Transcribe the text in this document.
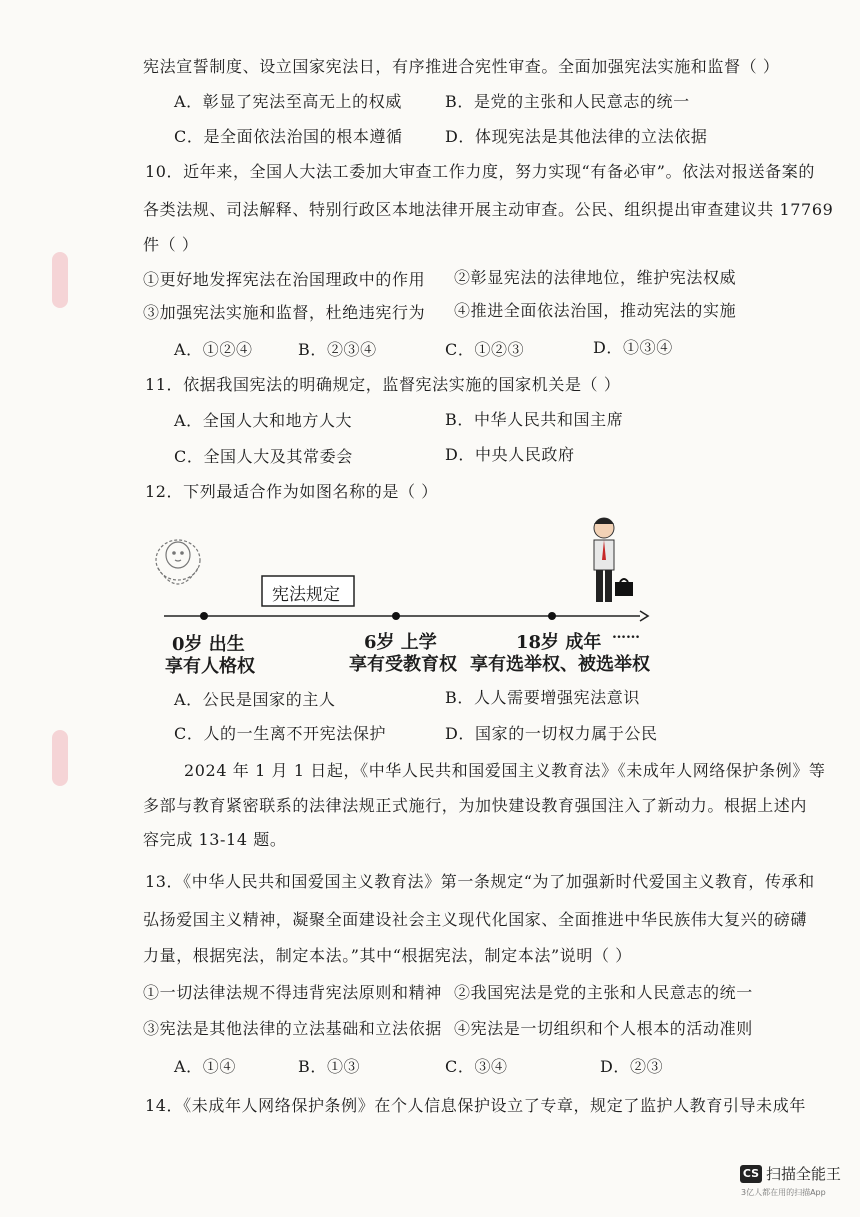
宪法宣誓制度、设立国家宪法日，有序推进合宪性审查。全面加强宪法实施和监督（ ）
A．彰显了宪法至高无上的权威	B．是党的主张和人民意志的统一
C．是全面依法治国的根本遵循	D．体现宪法是其他法律的立法依据
10．近年来，全国人大法工委加大审查工作力度，努力实现“有备必审”。依法对报送备案的
各类法规、司法解释、特别行政区本地法律开展主动审查。公民、组织提出审查建议共 17769
件（ ）
①更好地发挥宪法在治国理政中的作用 ②彰显宪法的法律地位，维护宪法权威
③加强宪法实施和监督，杜绝违宪行为 ④推进全面依法治国，推动宪法的实施
A．①②④	B．②③④	C．①②③	D．①③④
11．依据我国宪法的明确规定，监督宪法实施的国家机关是（ ）
A．全国人大和地方人大	B．中华人民共和国主席
C．全国人大及其常委会	D．中央人民政府
12．下列最适合作为如图名称的是（ ）
宪法规定
0岁 出生
享有人格权
6岁 上学
享有受教育权
18岁 成年 ……
享有选举权、被选举权
A．公民是国家的主人	B．人人需要增强宪法意识
C．人的一生离不开宪法保护	D．国家的一切权力属于公民
2024 年 1 月 1 日起，《中华人民共和国爱国主义教育法》《未成年人网络保护条例》等
多部与教育紧密联系的法律法规正式施行，为加快建设教育强国注入了新动力。根据上述内
容完成 13-14 题。
13．《中华人民共和国爱国主义教育法》第一条规定“为了加强新时代爱国主义教育，传承和
弘扬爱国主义精神，凝聚全面建设社会主义现代化国家、全面推进中华民族伟大复兴的磅礴
力量，根据宪法，制定本法。”其中“根据宪法，制定本法”说明（ ）
①一切法律法规不得违背宪法原则和精神 ②我国宪法是党的主张和人民意志的统一
③宪法是其他法律的立法基础和立法依据 ④宪法是一切组织和个人根本的活动准则
A．①④	B．①③	C．③④	D．②③
14．《未成年人网络保护条例》在个人信息保护设立了专章，规定了监护人教育引导未成年
CS 扫描全能王
3亿人都在用的扫描App
